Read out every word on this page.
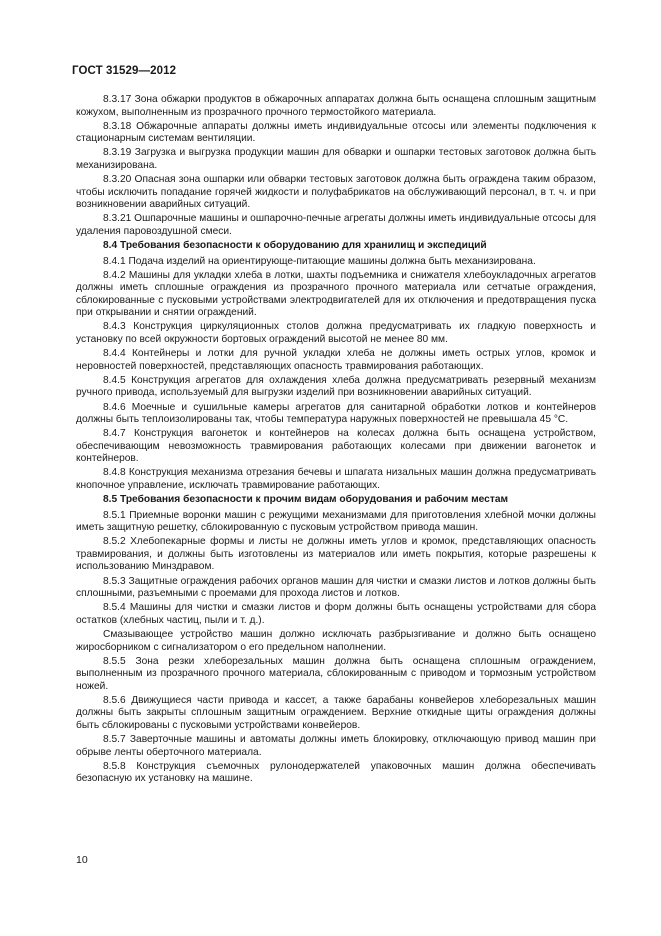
ГОСТ 31529—2012

8.3.17 Зона обжарки продуктов в обжарочных аппаратах должна быть оснащена сплошным защитным кожухом, выполненным из прозрачного прочного термостойкого материала.

8.3.18 Обжарочные аппараты должны иметь индивидуальные отсосы или элементы подключения к стационарным системам вентиляции.

8.3.19 Загрузка и выгрузка продукции машин для обварки и ошпарки тестовых заготовок должна быть механизирована.

8.3.20 Опасная зона ошпарки или обварки тестовых заготовок должна быть ограждена таким образом, чтобы исключить попадание горячей жидкости и полуфабрикатов на обслуживающий персонал, в т. ч. и при возникновении аварийных ситуаций.

8.3.21 Ошпарочные машины и ошпарочно-печные агрегаты должны иметь индивидуальные отсосы для удаления паровоздушной смеси.

8.4 Требования безопасности к оборудованию для хранилищ и экспедиций

8.4.1 Подача изделий на ориентирующе-питающие машины должна быть механизирована.

8.4.2 Машины для укладки хлеба в лотки, шахты подъемника и снижателя хлебоукладочных агрегатов должны иметь сплошные ограждения из прозрачного прочного материала или сетчатые ограждения, сблокированные с пусковыми устройствами электродвигателей для их отключения и предотвращения пуска при открывании и снятии ограждений.

8.4.3 Конструкция циркуляционных столов должна предусматривать их гладкую поверхность и установку по всей окружности бортовых ограждений высотой не менее 80 мм.

8.4.4 Контейнеры и лотки для ручной укладки хлеба не должны иметь острых углов, кромок и неровностей поверхностей, представляющих опасность травмирования работающих.

8.4.5 Конструкция агрегатов для охлаждения хлеба должна предусматривать резервный механизм ручного привода, используемый для выгрузки изделий при возникновении аварийных ситуаций.

8.4.6 Моечные и сушильные камеры агрегатов для санитарной обработки лотков и контейнеров должны быть теплоизолированы так, чтобы температура наружных поверхностей не превышала 45 °С.

8.4.7 Конструкция вагонеток и контейнеров на колесах должна быть оснащена устройством, обеспечивающим невозможность травмирования работающих колесами при движении вагонеток и контейнеров.

8.4.8 Конструкция механизма отрезания бечевы и шпагата низальных машин должна предусматривать кнопочное управление, исключать травмирование работающих.

8.5 Требования безопасности к прочим видам оборудования и рабочим местам

8.5.1 Приемные воронки машин с режущими механизмами для приготовления хлебной мочки должны иметь защитную решетку, сблокированную с пусковым устройством привода машин.

8.5.2 Хлебопекарные формы и листы не должны иметь углов и кромок, представляющих опасность травмирования, и должны быть изготовлены из материалов или иметь покрытия, которые разрешены к использованию Минздравом.

8.5.3 Защитные ограждения рабочих органов машин для чистки и смазки листов и лотков должны быть сплошными, разъемными с проемами для прохода листов и лотков.

8.5.4 Машины для чистки и смазки листов и форм должны быть оснащены устройствами для сбора остатков (хлебных частиц, пыли и т. д.).

Смазывающее устройство машин должно исключать разбрызгивание и должно быть оснащено жиросборником с сигнализатором о его предельном наполнении.

8.5.5 Зона резки хлеборезальных машин должна быть оснащена сплошным ограждением, выполненным из прозрачного прочного материала, сблокированным с приводом и тормозным устройством ножей.

8.5.6 Движущиеся части привода и кассет, а также барабаны конвейеров хлеборезальных машин должны быть закрыты сплошным защитным ограждением. Верхние откидные щиты ограждения должны быть сблокированы с пусковыми устройствами конвейеров.

8.5.7 Заверточные машины и автоматы должны иметь блокировку, отключающую привод машин при обрыве ленты оберточного материала.

8.5.8 Конструкция съемочных рулонодержателей упаковочных машин должна обеспечивать безопасную их установку на машине.

10
